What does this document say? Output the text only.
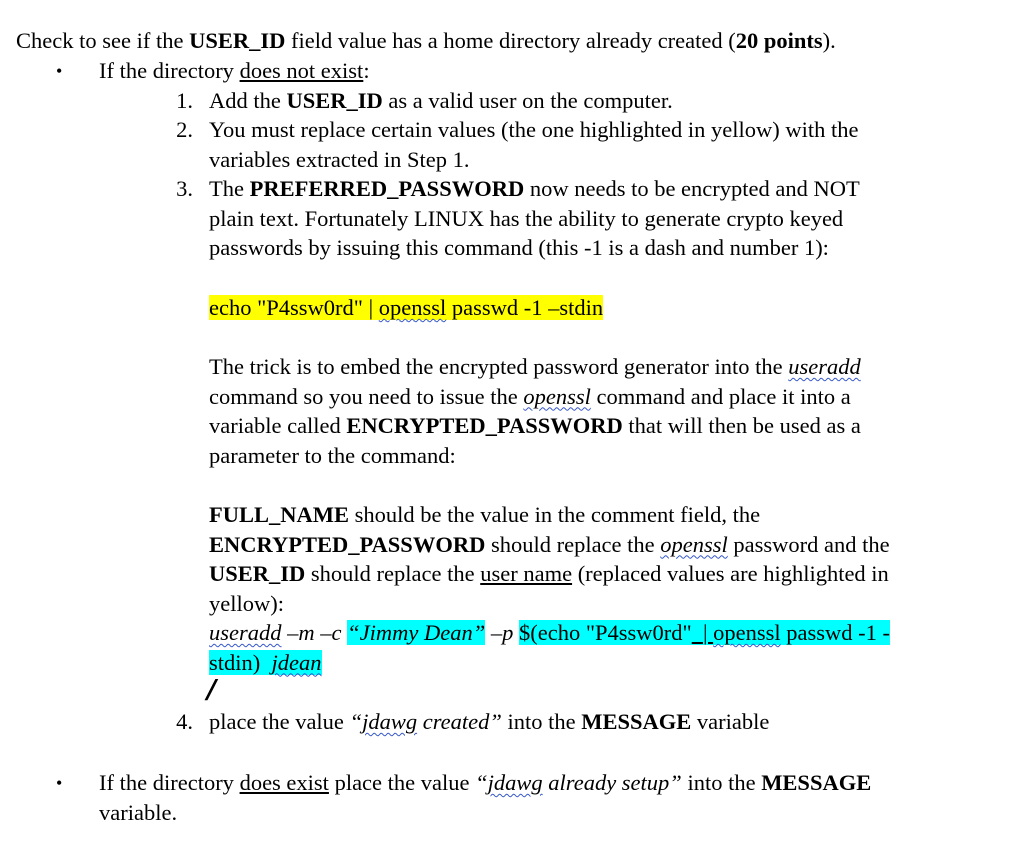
Check to see if the USER_ID field value has a home directory already created (20 points).
• If the directory does not exist:
1. Add the USER_ID as a valid user on the computer.
2. You must replace certain values (the one highlighted in yellow) with the
variables extracted in Step 1.
3. The PREFERRED_PASSWORD now needs to be encrypted and NOT
plain text. Fortunately LINUX has the ability to generate crypto keyed
passwords by issuing this command (this -1 is a dash and number 1):
echo "P4ssw0rd" | openssl passwd -1 –stdin
The trick is to embed the encrypted password generator into the useradd
command so you need to issue the openssl command and place it into a
variable called ENCRYPTED_PASSWORD that will then be used as a
parameter to the command:
FULL_NAME should be the value in the comment field, the
ENCRYPTED_PASSWORD should replace the openssl password and the
USER_ID should replace the user name (replaced values are highlighted in
yellow):
useradd –m –c “Jimmy Dean” –p $(echo "P4ssw0rd" | openssl passwd -1 -
stdin) jdean
/
4. place the value “jdawg created” into the MESSAGE variable
• If the directory does exist place the value “jdawg already setup” into the MESSAGE
variable.
